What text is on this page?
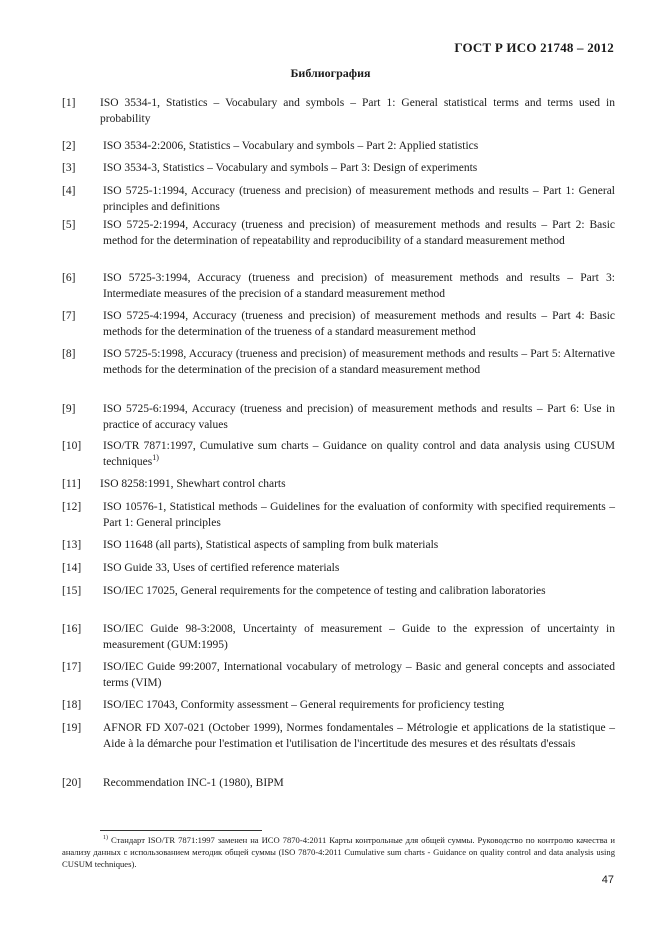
ГОСТ Р ИСО 21748 – 2012
Библиография
[1] ISO 3534-1, Statistics – Vocabulary and symbols – Part 1: General statistical terms and terms used in probability
[2] ISO 3534-2:2006, Statistics – Vocabulary and symbols – Part 2: Applied statistics
[3] ISO 3534-3, Statistics – Vocabulary and symbols – Part 3: Design of experiments
[4] ISO 5725-1:1994, Accuracy (trueness and precision) of measurement methods and results – Part 1: General principles and definitions
[5] ISO 5725-2:1994, Accuracy (trueness and precision) of measurement methods and results – Part 2: Basic method for the determination of repeatability and reproducibility of a standard measurement method
[6] ISO 5725-3:1994, Accuracy (trueness and precision) of measurement methods and results – Part 3: Intermediate measures of the precision of a standard measurement method
[7] ISO 5725-4:1994, Accuracy (trueness and precision) of measurement methods and results – Part 4: Basic methods for the determination of the trueness of a standard measurement method
[8] ISO 5725-5:1998, Accuracy (trueness and precision) of measurement methods and results – Part 5: Alternative methods for the determination of the precision of a standard measurement method
[9] ISO 5725-6:1994, Accuracy (trueness and precision) of measurement methods and results – Part 6: Use in practice of accuracy values
[10] ISO/TR 7871:1997, Cumulative sum charts – Guidance on quality control and data analysis using CUSUM techniques$^{1)}$
[11] ISO 8258:1991, Shewhart control charts
[12] ISO 10576-1, Statistical methods – Guidelines for the evaluation of conformity with specified requirements – Part 1: General principles
[13] ISO 11648 (all parts), Statistical aspects of sampling from bulk materials
[14] ISO Guide 33, Uses of certified reference materials
[15] ISO/IEC 17025, General requirements for the competence of testing and calibration laboratories
[16] ISO/IEC Guide 98-3:2008, Uncertainty of measurement – Guide to the expression of uncertainty in measurement (GUM:1995)
[17] ISO/IEC Guide 99:2007, International vocabulary of metrology – Basic and general concepts and associated terms (VIM)
[18] ISO/IEC 17043, Conformity assessment – General requirements for proficiency testing
[19] AFNOR FD X07-021 (October 1999), Normes fondamentales – Métrologie et applications de la statistique – Aide à la démarche pour l'estimation et l'utilisation de l'incertitude des mesures et des résultats d'essais
[20] Recommendation INC-1 (1980), BIPM
$^{1)}$ Стандарт ISO/TR 7871:1997 заменен на ИСО 7870-4:2011 Карты контрольные для общей суммы. Руководство по контролю качества и анализу данных с использованием методик общей суммы (ISO 7870-4:2011 Cumulative sum charts - Guidance on quality control and data analysis using CUSUM techniques).
47
